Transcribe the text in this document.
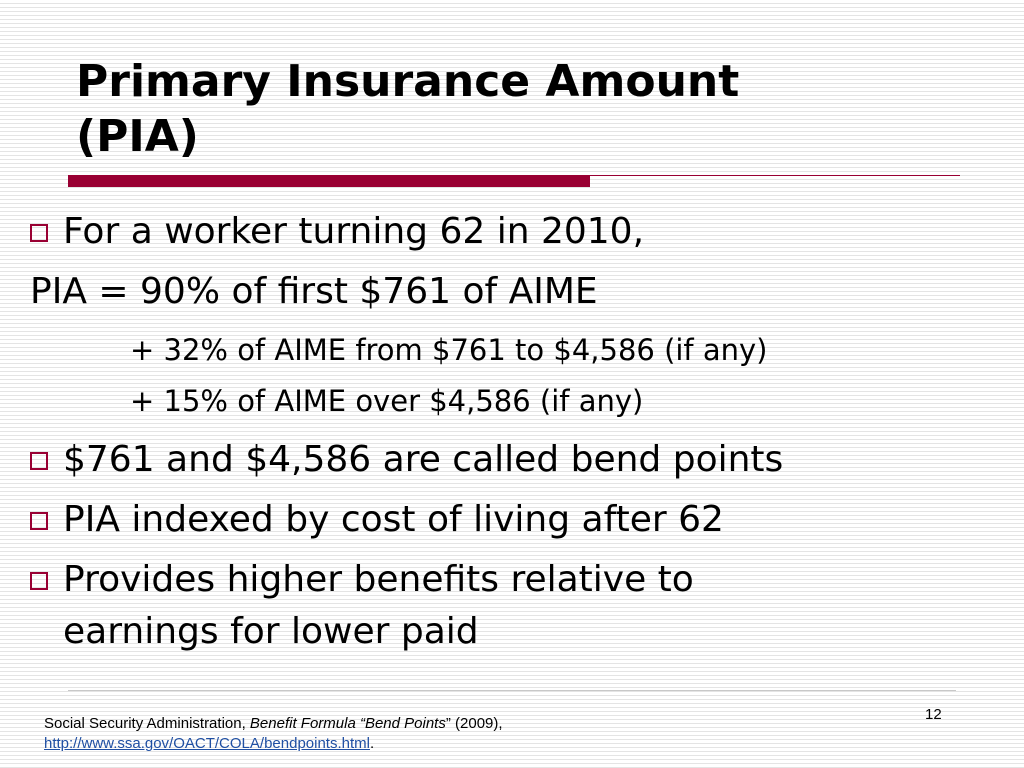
Primary Insurance Amount
(PIA)
For a worker turning 62 in 2010,
PIA = 90% of first $761 of AIME
+ 32% of AIME from $761 to $4,586 (if any)
+ 15% of AIME over $4,586 (if any)
$761 and $4,586 are called bend points
PIA indexed by cost of living after 62
Provides higher benefits relative to
earnings for lower paid
Social Security Administration, Benefit Formula “Bend Points” (2009),
http://www.ssa.gov/OACT/COLA/bendpoints.html.
12
